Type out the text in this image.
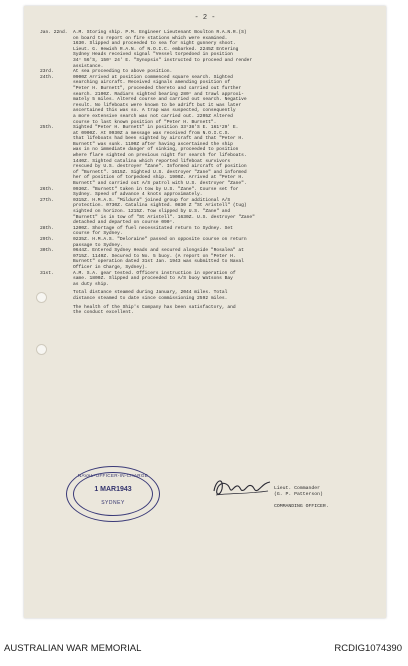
- 2 -
Jan. 22nd.	A.M. Storing ship. P.M. Engineer Lieutenant Boulton R.A.N.R.(S)
on board to report on fire stations which were examined.
1630. Slipped and proceeded to sea for night gunnery shoot.
Lieut. G. Hewish R.A.N. of N.O.I.C. embarked. 2245Z Entering
Sydney Heads received signal "Vessel torpedoed in position
34° 56'S, 150° 24' E. "Synopsis" instructed to proceed and render
assistance.
23rd.	At sea proceeding to above position.
24th.	0900Z Arrived at position commenced square search. Sighted
searching aircraft. Received signals amending position of
"Peter H. Burnett", proceeded thereto and carried out further
search. 2100Z. Radiars sighted bearing 280° and trawl approxi-
mately 5 miles. Altered course and carried out search. Negative
result. No lifeboats were known to be adrift but it was later
ascertained this was so. A trap was suspected, consequently
a more extensive search was not carried out. 2205Z Altered
course to last known position of "Peter H. Burnett".
25th.	Sighted "Peter H. Burnett" in position 33°38'S E. 161°29' E.
at 0900Z. At 0930Z a message was received from N.O.I.C.S.
that lifeboats had been sighted by aircraft and that "Peter H.
Burnett" was sunk. 1100Z after having ascertained the ship
was in no immediate danger of sinking, proceeded to position
where flare sighted on previous night for search for lifeboats.
1440Z. Sighted catalina which reported lifeboat survivors
rescued by U.S. destroyer "Zane". Informed aircraft of position
of "Burnett". 1615Z. Sighted U.S. destroyer "Zane" and informed
her of position of torpedoed ship. 1900Z. Arrived at "Peter H.
Burnett" and carried out A/S patrol with U.S. destroyer "Zane".
26th.	0930Z. "Burnett" taken in tow by U.S. "Zane". Course set for
Sydney. Speed of advance 4 knots approximately.
27th.	0315Z. H.M.A.S. "Mildura" joined group for additional A/S
protection. 0730Z. Catalina sighted. 0830 Z "St Aristell" (tug)
sighted on horizon. 1215Z. Tow slipped by U.S. "Zane" and
"Burnett" is in tow of "St Aristell". 1630Z. U.S. destroyer "Zane"
detached and departed on course 090°.
28th.	1200Z. Shortage of fuel necessitated return to Sydney. Set
course for Sydney.
29th.	0235Z. H.M.A.S. "Deloraine" passed on opposite course on return
passage to Sydney.
30th.	0644Z. Entered Sydney Heads and secured alongside "Rosalea" at
0715Z. 1140Z. Secured to No. 5 buoy. (A report on "Peter H.
Burnett" operation dated 31st Jan. 1943 was submitted to Naval
Officer in Charge, Sydney).
31st.	A.M. S.A. gear tested. Officers instruction in operation of
same. 1800Z. Slipped and proceeded to A/S buoy Watsons Bay
as duty ship.
Total distance steamed during January, 2044 miles. Total
distance steamed to date since commissioning 2592 miles.
The health of the Ship's Company has been satisfactory, and
the conduct excellent.
Lieut. Commander
(G. P. Patterson)
COMMANDING OFFICER.
NAVAL-OFFICER-IN-CHARGE
1 MAR1943
SYDNEY
AUSTRALIAN WAR MEMORIAL	RCDIG1074390
